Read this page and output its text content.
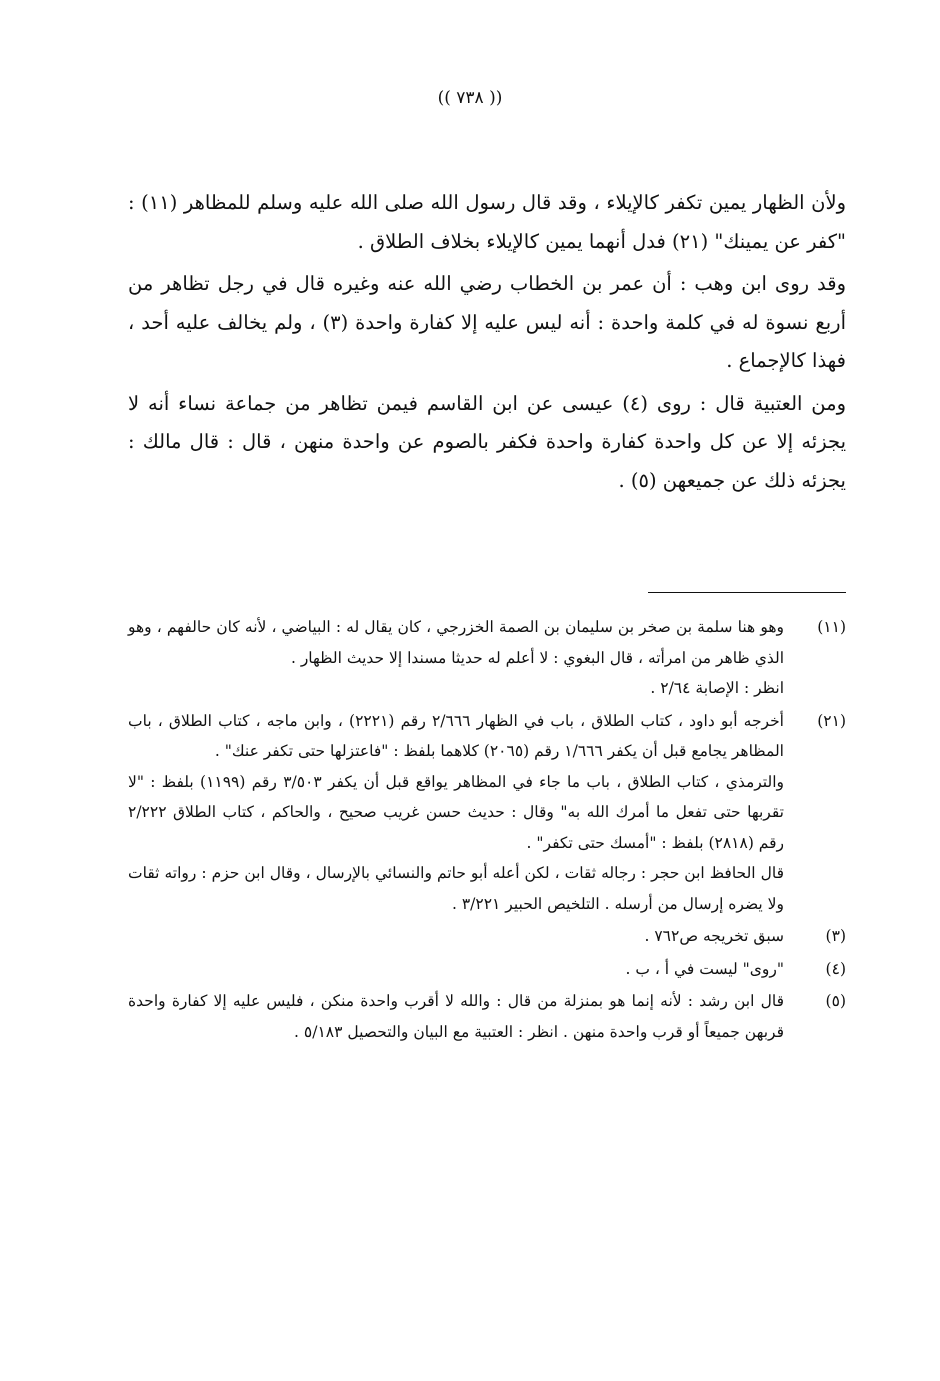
(( ٧٣٨ ))

ولأن الظهار يمين تكفر كالإيلاء ، وقد قال رسول الله صلى الله عليه وسلم للمظاهر (١١) : "كفر عن يمينك" (٢١) فدل أنهما يمين كالإيلاء بخلاف الطلاق .

وقد روى ابن وهب : أن عمر بن الخطاب رضي الله عنه وغيره قال في رجل تظاهر من أربع نسوة له في كلمة واحدة : أنه ليس عليه إلا كفارة واحدة (٣) ، ولم يخالف عليه أحد ، فهذا كالإجماع .

ومن العتبية قال : روى (٤) عيسى عن ابن القاسم فيمن تظاهر من جماعة نساء أنه لا يجزئه إلا عن كل واحدة كفارة واحدة فكفر بالصوم عن واحدة منهن ، قال : قال مالك : يجزئه ذلك عن جميعهن (٥) .

(١١)

وهو هنا سلمة بن صخر بن سليمان بن الصمة الخزرجي ، كان يقال له : البياضي ، لأنه كان حالفهم ، وهو الذي ظاهر من امرأته ، قال البغوي : لا أعلم له حديثا مسندا إلا حديث الظهار .

انظر : الإصابة ٢/٦٤ .

(٢١)

أخرجه أبو داود ، كتاب الطلاق ، باب في الظهار ٢/٦٦٦ رقم (٢٢٢١) ، وابن ماجه ، كتاب الطلاق ، باب المظاهر يجامع قبل أن يكفر ١/٦٦٦ رقم (٢٠٦٥) كلاهما بلفظ : "فاعتزلها حتى تكفر عنك" .

والترمذي ، كتاب الطلاق ، باب ما جاء في المظاهر يواقع قبل أن يكفر ٣/٥٠٣ رقم (١١٩٩) بلفظ : "لا تقربها حتى تفعل ما أمرك الله به" وقال : حديث حسن غريب صحيح ، والحاكم ، كتاب الطلاق ٢/٢٢٢ رقم (٢٨١٨) بلفظ : "أمسك حتى تكفر" .

قال الحافظ ابن حجر : رجاله ثقات ، لكن أعله أبو حاتم والنسائي بالإرسال ، وقال ابن حزم : رواته ثقات ولا يضره إرسال من أرسله . التلخيص الحبير ٣/٢٢١ .

(٣)

سبق تخريجه ص٧٦٢ .

(٤)

"روى" ليست في أ ، ب .

(٥)

قال ابن رشد : لأنه إنما هو بمنزلة من قال : والله لا أقرب واحدة منكن ، فليس عليه إلا كفارة واحدة قربهن جميعاً أو قرب واحدة منهن . انظر : العتبية مع البيان والتحصيل ٥/١٨٣ .
